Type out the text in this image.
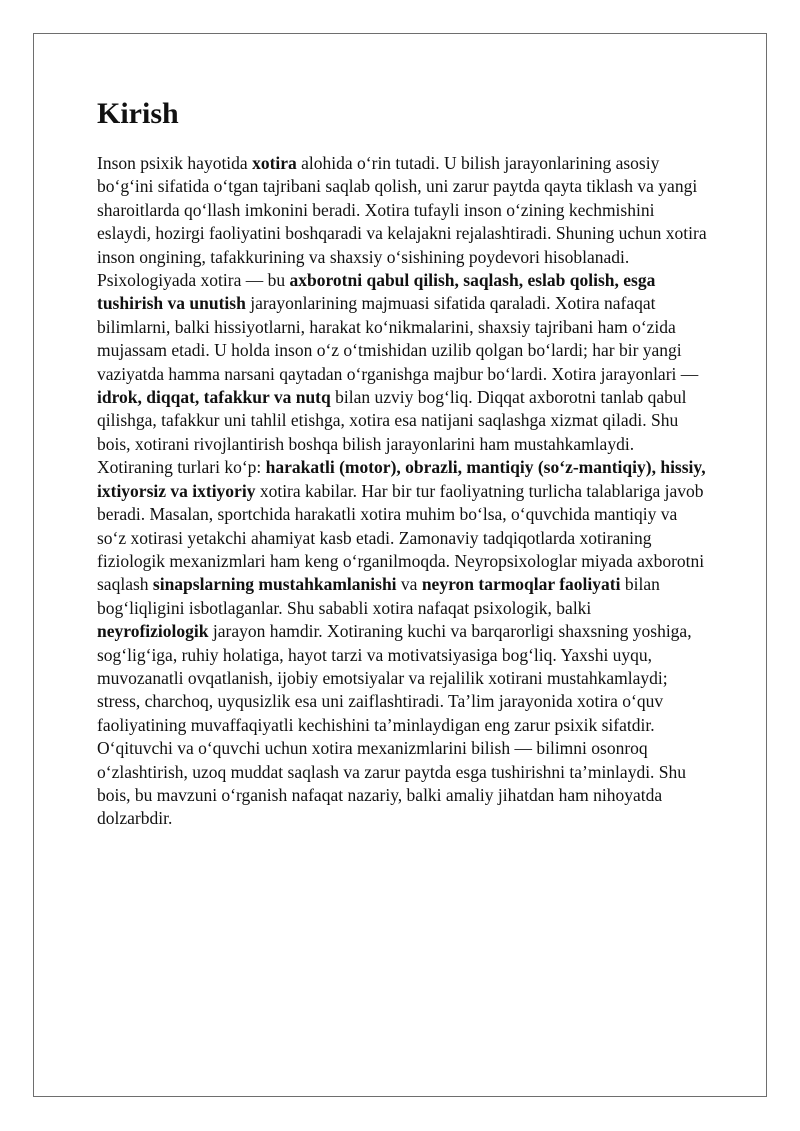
Kirish

Inson psixik hayotida xotira alohida o‘rin tutadi. U bilish jarayonlarining asosiy bo‘g‘ini sifatida o‘tgan tajribani saqlab qolish, uni zarur paytda qayta tiklash va yangi sharoitlarda qo‘llash imkonini beradi. Xotira tufayli inson o‘zining kechmishini eslaydi, hozirgi faoliyatini boshqaradi va kelajakni rejalashtiradi. Shuning uchun xotira inson ongining, tafakkurining va shaxsiy o‘sishining poydevori hisoblanadi. Psixologiyada xotira — bu axborotni qabul qilish, saqlash, eslab qolish, esga tushirish va unutish jarayonlarining majmuasi sifatida qaraladi. Xotira nafaqat bilimlarni, balki hissiyotlarni, harakat ko‘nikmalarini, shaxsiy tajribani ham o‘zida mujassam etadi. U holda inson o‘z o‘tmishidan uzilib qolgan bo‘lardi; har bir yangi vaziyatda hamma narsani qaytadan o‘rganishga majbur bo‘lardi. Xotira jarayonlari — idrok, diqqat, tafakkur va nutq bilan uzviy bog‘liq. Diqqat axborotni tanlab qabul qilishga, tafakkur uni tahlil etishga, xotira esa natijani saqlashga xizmat qiladi. Shu bois, xotirani rivojlantirish boshqa bilish jarayonlarini ham mustahkamlaydi. Xotiraning turlari ko‘p: harakatli (motor), obrazli, mantiqiy (so‘z-mantiqiy), hissiy, ixtiyorsiz va ixtiyoriy xotira kabilar. Har bir tur faoliyatning turlicha talablariga javob beradi. Masalan, sportchida harakatli xotira muhim bo‘lsa, o‘quvchida mantiqiy va so‘z xotirasi yetakchi ahamiyat kasb etadi. Zamonaviy tadqiqotlarda xotiraning fiziologik mexanizmlari ham keng o‘rganilmoqda. Neyropsixologlar miyada axborotni saqlash sinapslarning mustahkamlanishi va neyron tarmoqlar faoliyati bilan bog‘liqligini isbotlaganlar. Shu sababli xotira nafaqat psixologik, balki neyrofiziologik jarayon hamdir. Xotiraning kuchi va barqarorligi shaxsning yoshiga, sog‘lig‘iga, ruhiy holatiga, hayot tarzi va motivatsiyasiga bog‘liq. Yaxshi uyqu, muvozanatli ovqatlanish, ijobiy emotsiyalar va rejalilik xotirani mustahkamlaydi; stress, charchoq, uyqusizlik esa uni zaiflashtiradi. Ta’lim jarayonida xotira o‘quv faoliyatining muvaffaqiyatli kechishini ta’minlaydigan eng zarur psixik sifatdir. O‘qituvchi va o‘quvchi uchun xotira mexanizmlarini bilish — bilimni osonroq o‘zlashtirish, uzoq muddat saqlash va zarur paytda esga tushirishni ta’minlaydi. Shu bois, bu mavzuni o‘rganish nafaqat nazariy, balki amaliy jihatdan ham nihoyatda dolzarbdir.
